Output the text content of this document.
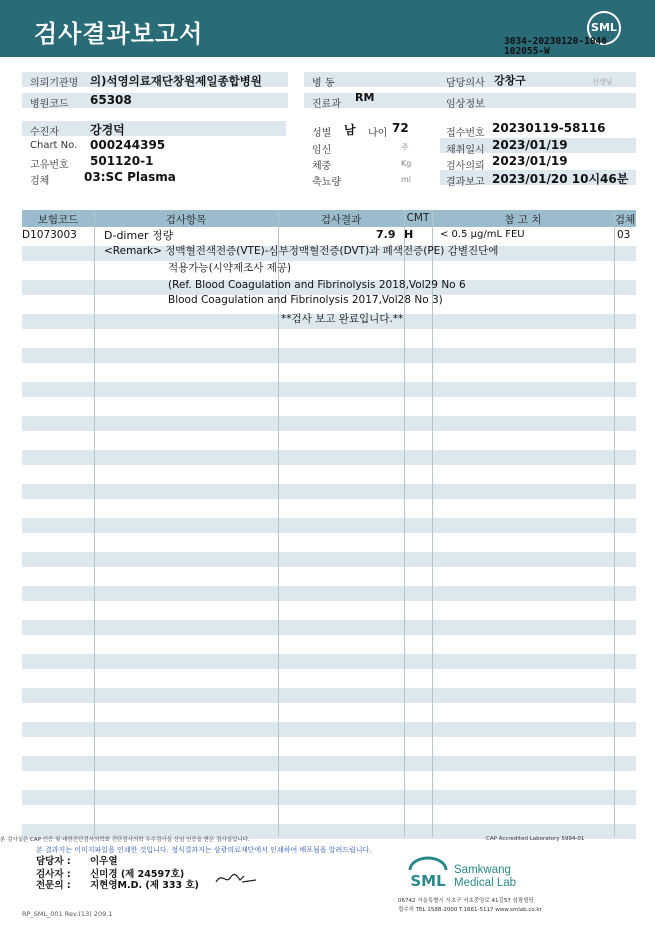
검사결과보고서	SML
3034-20230120-1046
102055-W
의뢰기관명 의)석영의료재단창원제일종합병원
병원코드 65308
수진자	강경덕
Chart No. 000244395
고유번호 501120-1
검체	03:SC Plasma
병 동
진료과
RM
성별 남 나이 72
임신	주
체중	Kg
축뇨량	ml
담당의사 강창구	선생님
임상정보
접수번호 20230119-58116
채취일시 2023/01/19
검사의뢰 2023/01/19
결과보고 2023/01/20 10시46분
보험코드	검사항목	검사결과	CMT	참 고 치	검체
D1073003 D-dimer 정량	7.9 H	< 0.5 μg/mL FEU	03
<Remark> 정맥혈전색전증(VTE)-심부정맥혈전증(DVT)과 폐색전증(PE) 감별진단에
적용가능(시약제조사 제공)
(Ref. Blood Coagulation and Fibrinolysis 2018,Vol29 No 6
Blood Coagulation and Fibrinolysis 2017,Vol28 No 3)
**검사 보고 완료입니다.**
본 검사실은 CAP 인증 및 대한진단검사의학회 진단검사의학 우수검사실 신임 인증을 받은 검사실입니다.	CAP Accredited Laboratory 5994-01
본 결과지는 이미지파일을 인쇄한 것입니다. 정식결과지는 삼광의료재단에서 인쇄하여 배포됨을 알려드립니다.
담당자 : 이우열
검사자 : 신미경 (제 24597호)
전문의 : 지현영M.D. (제 333 호)	SML
Samkwang
Medical Lab
06742 서울특별시 서초구 서초중앙로 41길57 삼광빌딩
접수처 TEL 1588-2000 T.1661-5117 www.smlab.co.kr
RP_SML_001 Rev.(13) 209.1
